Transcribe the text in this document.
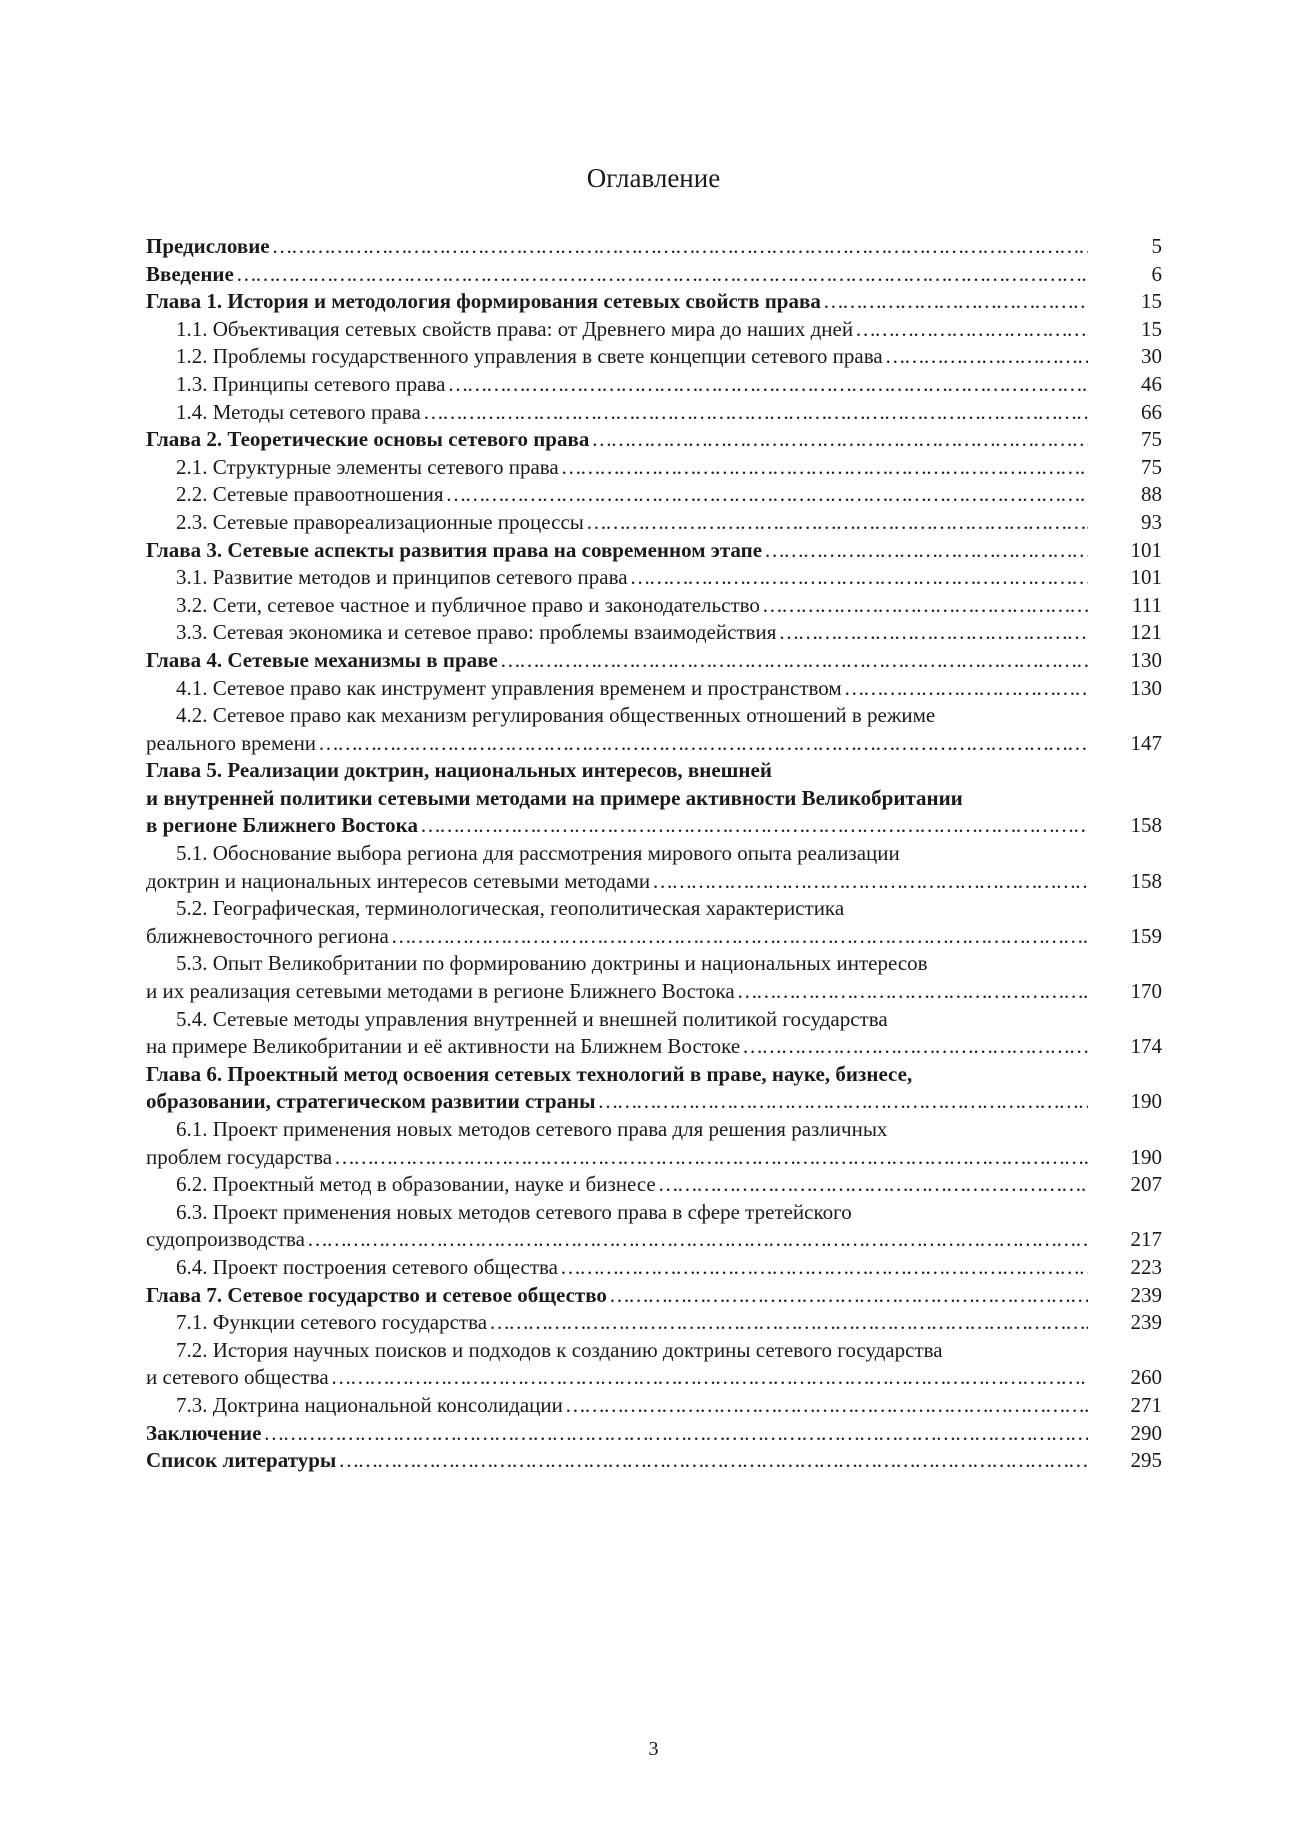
Оглавление
Предисловие …………………………………………………………………………………………………………………………………………………………	5
Введение …………………………………………………………………………………………………………………………………………………………	6
Глава 1. История и методология формирования сетевых свойств права …………………………………………………………………………………………………………………………………………………………	15
1.1. Объективация сетевых свойств права: от Древнего мира до наших дней …………………………………………………………………………………………………………………………………………………………	15
1.2. Проблемы государственного управления в свете концепции сетевого права …………………………………………………………………………………………………………………………………………………………	30
1.3. Принципы сетевого права …………………………………………………………………………………………………………………………………………………………	46
1.4. Методы сетевого права …………………………………………………………………………………………………………………………………………………………	66
Глава 2. Теоретические основы сетевого права …………………………………………………………………………………………………………………………………………………………	75
2.1. Структурные элементы сетевого права …………………………………………………………………………………………………………………………………………………………	75
2.2. Сетевые правоотношения …………………………………………………………………………………………………………………………………………………………	88
2.3. Сетевые правореализационные процессы …………………………………………………………………………………………………………………………………………………………	93
Глава 3. Сетевые аспекты развития права на современном этапе …………………………………………………………………………………………………………………………………………………………	101
3.1. Развитие методов и принципов сетевого права …………………………………………………………………………………………………………………………………………………………	101
3.2. Сети, сетевое частное и публичное право и законодательство …………………………………………………………………………………………………………………………………………………………	111
3.3. Сетевая экономика и сетевое право: проблемы взаимодействия …………………………………………………………………………………………………………………………………………………………	121
Глава 4. Сетевые механизмы в праве …………………………………………………………………………………………………………………………………………………………	130
4.1. Сетевое право как инструмент управления временем и пространством …………………………………………………………………………………………………………………………………………………………	130
4.2. Сетевое право как механизм регулирования общественных отношений в режиме
реального времени …………………………………………………………………………………………………………………………………………………………	147
Глава 5. Реализации доктрин, национальных интересов, внешней
и внутренней политики сетевыми методами на примере активности Великобритании
в регионе Ближнего Востока …………………………………………………………………………………………………………………………………………………………	158
5.1. Обоснование выбора региона для рассмотрения мирового опыта реализации
доктрин и национальных интересов сетевыми методами …………………………………………………………………………………………………………………………………………………………	158
5.2. Географическая, терминологическая, геополитическая характеристика
ближневосточного региона …………………………………………………………………………………………………………………………………………………………	159
5.3. Опыт Великобритании по формированию доктрины и национальных интересов
и их реализация сетевыми методами в регионе Ближнего Востока …………………………………………………………………………………………………………………………………………………………	170
5.4. Сетевые методы управления внутренней и внешней политикой государства
на примере Великобритании и её активности на Ближнем Востоке …………………………………………………………………………………………………………………………………………………………	174
Глава 6. Проектный метод освоения сетевых технологий в праве, науке, бизнесе,
образовании, стратегическом развитии страны …………………………………………………………………………………………………………………………………………………………	190
6.1. Проект применения новых методов сетевого права для решения различных
проблем государства …………………………………………………………………………………………………………………………………………………………	190
6.2. Проектный метод в образовании, науке и бизнесе …………………………………………………………………………………………………………………………………………………………	207
6.3. Проект применения новых методов сетевого права в сфере третейского
судопроизводства …………………………………………………………………………………………………………………………………………………………	217
6.4. Проект построения сетевого общества …………………………………………………………………………………………………………………………………………………………	223
Глава 7. Сетевое государство и сетевое общество …………………………………………………………………………………………………………………………………………………………	239
7.1. Функции сетевого государства …………………………………………………………………………………………………………………………………………………………	239
7.2. История научных поисков и подходов к созданию доктрины сетевого государства
и сетевого общества …………………………………………………………………………………………………………………………………………………………	260
7.3. Доктрина национальной консолидации …………………………………………………………………………………………………………………………………………………………	271
Заключение …………………………………………………………………………………………………………………………………………………………	290
Список литературы …………………………………………………………………………………………………………………………………………………………	295
3
